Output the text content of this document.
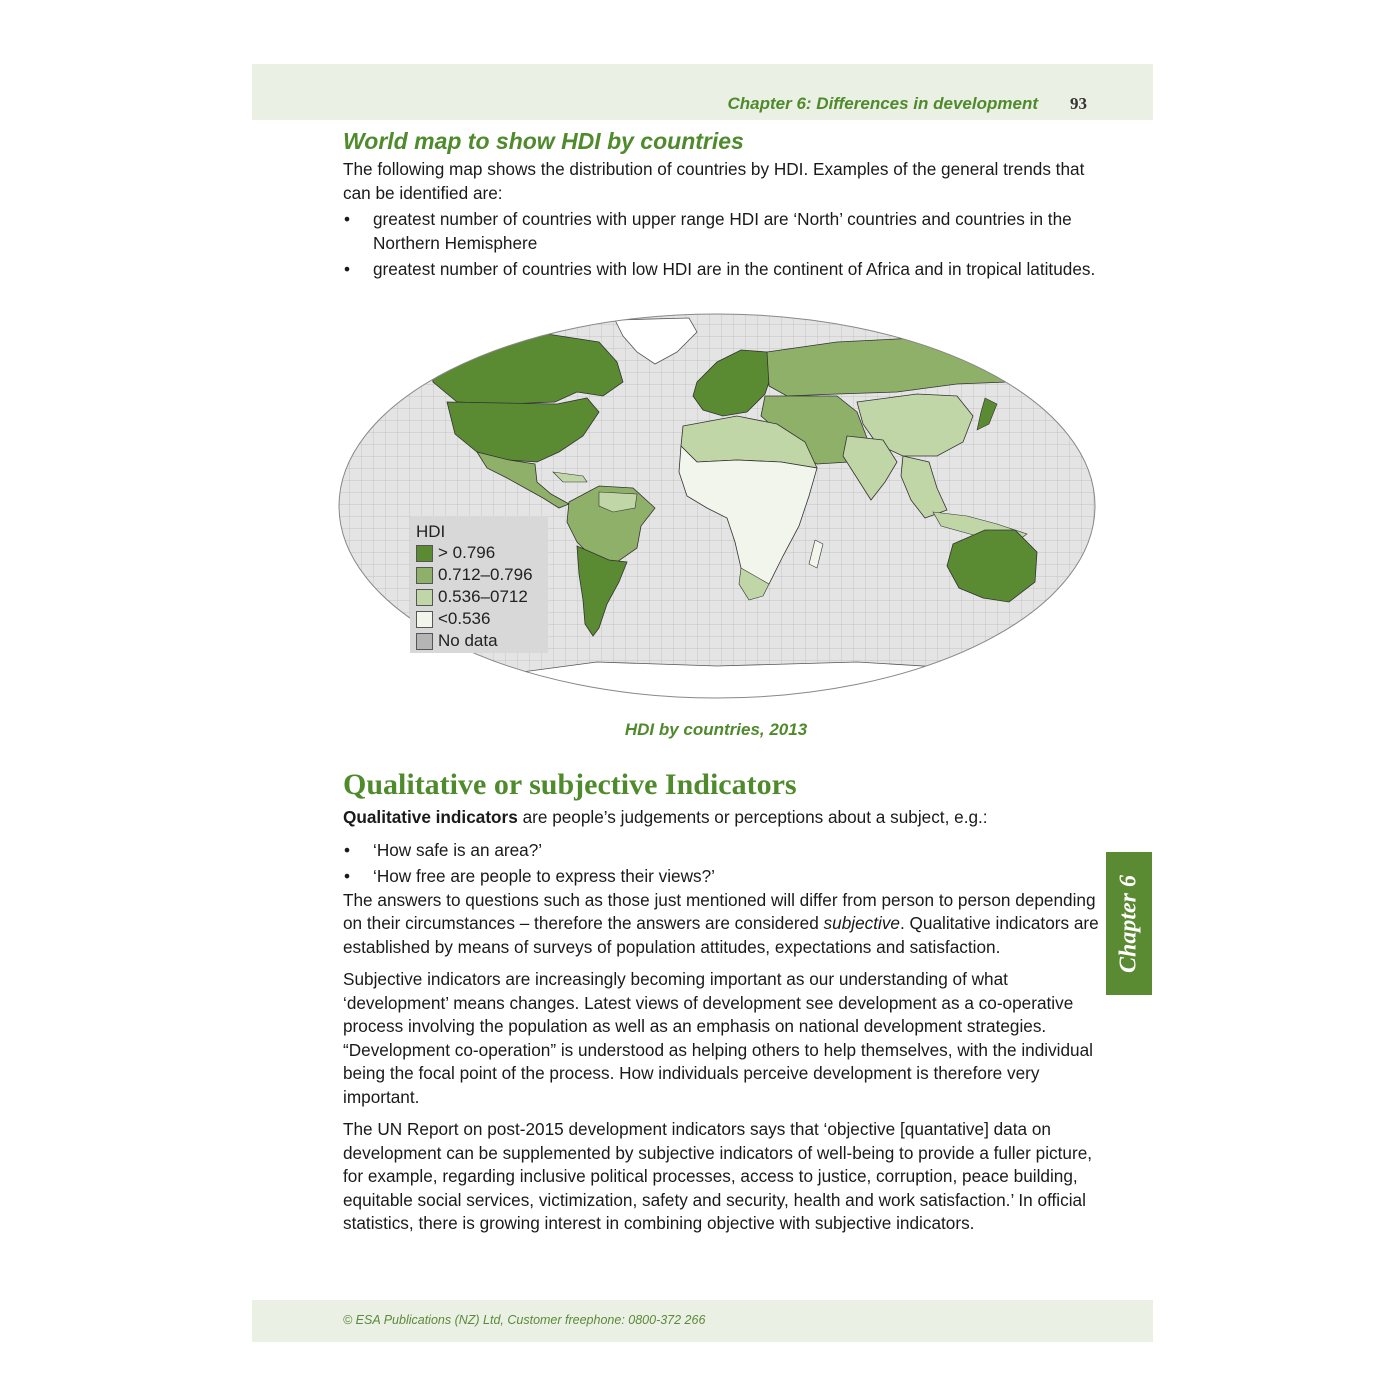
Chapter 6: Differences in development 93
World map to show HDI by countries

The following map shows the distribution of countries by HDI. Examples of the general trends that can be identified are:

• greatest number of countries with upper range HDI are ‘North’ countries and countries in the Northern Hemisphere
• greatest number of countries with low HDI are in the continent of Africa and in tropical latitudes.
HDI
> 0.796
0.712–0.796
0.536–0712
<0.536
No data
HDI by countries, 2013
Qualitative or subjective Indicators

Qualitative indicators are people’s judgements or perceptions about a subject, e.g.:

• ‘How safe is an area?’
• ‘How free are people to express their views?’

The answers to questions such as those just mentioned will differ from person to person depending on their circumstances – therefore the answers are considered subjective. Qualitative indicators are established by means of surveys of population attitudes, expectations and satisfaction.

Subjective indicators are increasingly becoming important as our understanding of what ‘development’ means changes. Latest views of development see development as a co-operative process involving the population as well as an emphasis on national development strategies. “Development co-operation” is understood as helping others to help themselves, with the individual being the focal point of the process. How individuals perceive development is therefore very important.

The UN Report on post-2015 development indicators says that ‘objective [quantative] data on development can be supplemented by subjective indicators of well-being to provide a fuller picture, for example, regarding inclusive political processes, access to justice, corruption, peace building, equitable social services, victimization, safety and security, health and work satisfaction.’ In official statistics, there is growing interest in combining objective with subjective indicators.

Chapter 6
© ESA Publications (NZ) Ltd, Customer freephone: 0800-372 266
